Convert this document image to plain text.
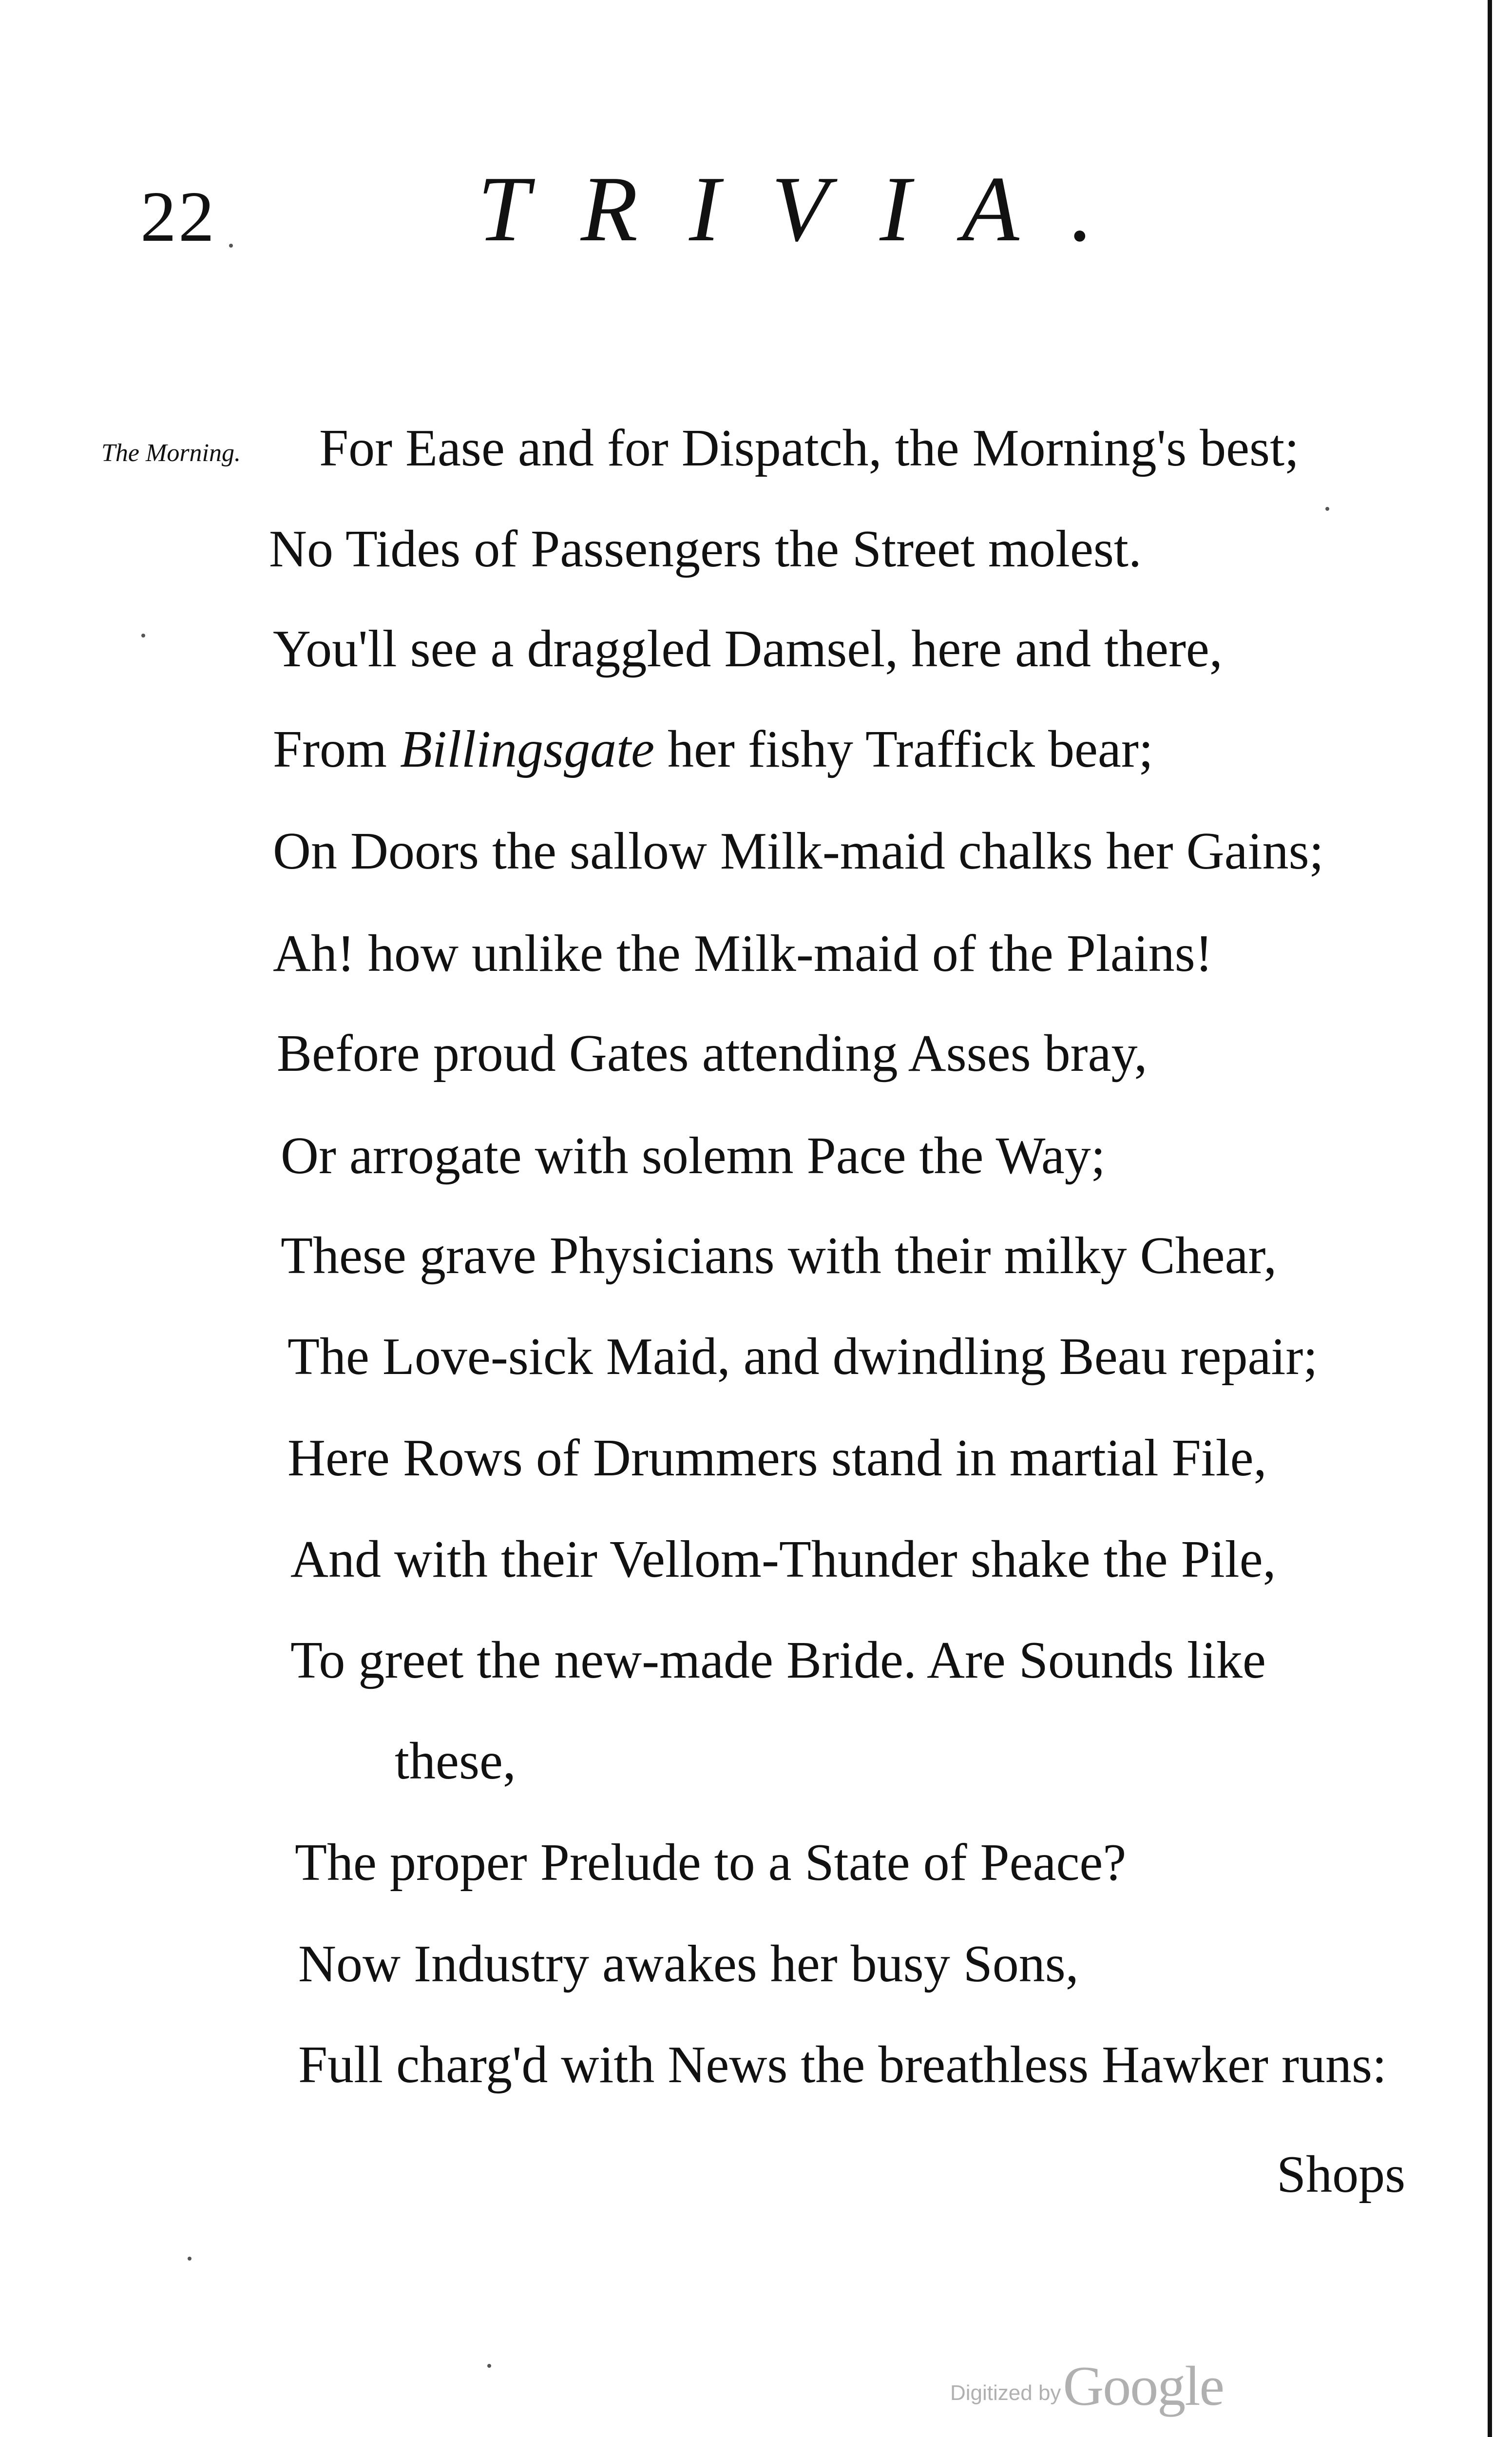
22	TRIVIA.
The Morning. For Ease and for Dispatch, the Morning's best;
No Tides of Passengers the Street molest.
You'll see a draggled Damsel, here and there,
From Billingsgate her fishy Traffick bear;
On Doors the sallow Milk-maid chalks her Gains;
Ah! how unlike the Milk-maid of the Plains!
Before proud Gates attending Asses bray,
Or arrogate with solemn Pace the Way;
These grave Physicians with their milky Chear,
The Love-sick Maid, and dwindling Beau repair;
Here Rows of Drummers stand in martial File,
And with their Vellom-Thunder shake the Pile,
To greet the new-made Bride. Are Sounds like
these,
The proper Prelude to a State of Peace?
Now Industry awakes her busy Sons,
Full charg'd with News the breathless Hawker runs:
Shops
Digitized by Google
